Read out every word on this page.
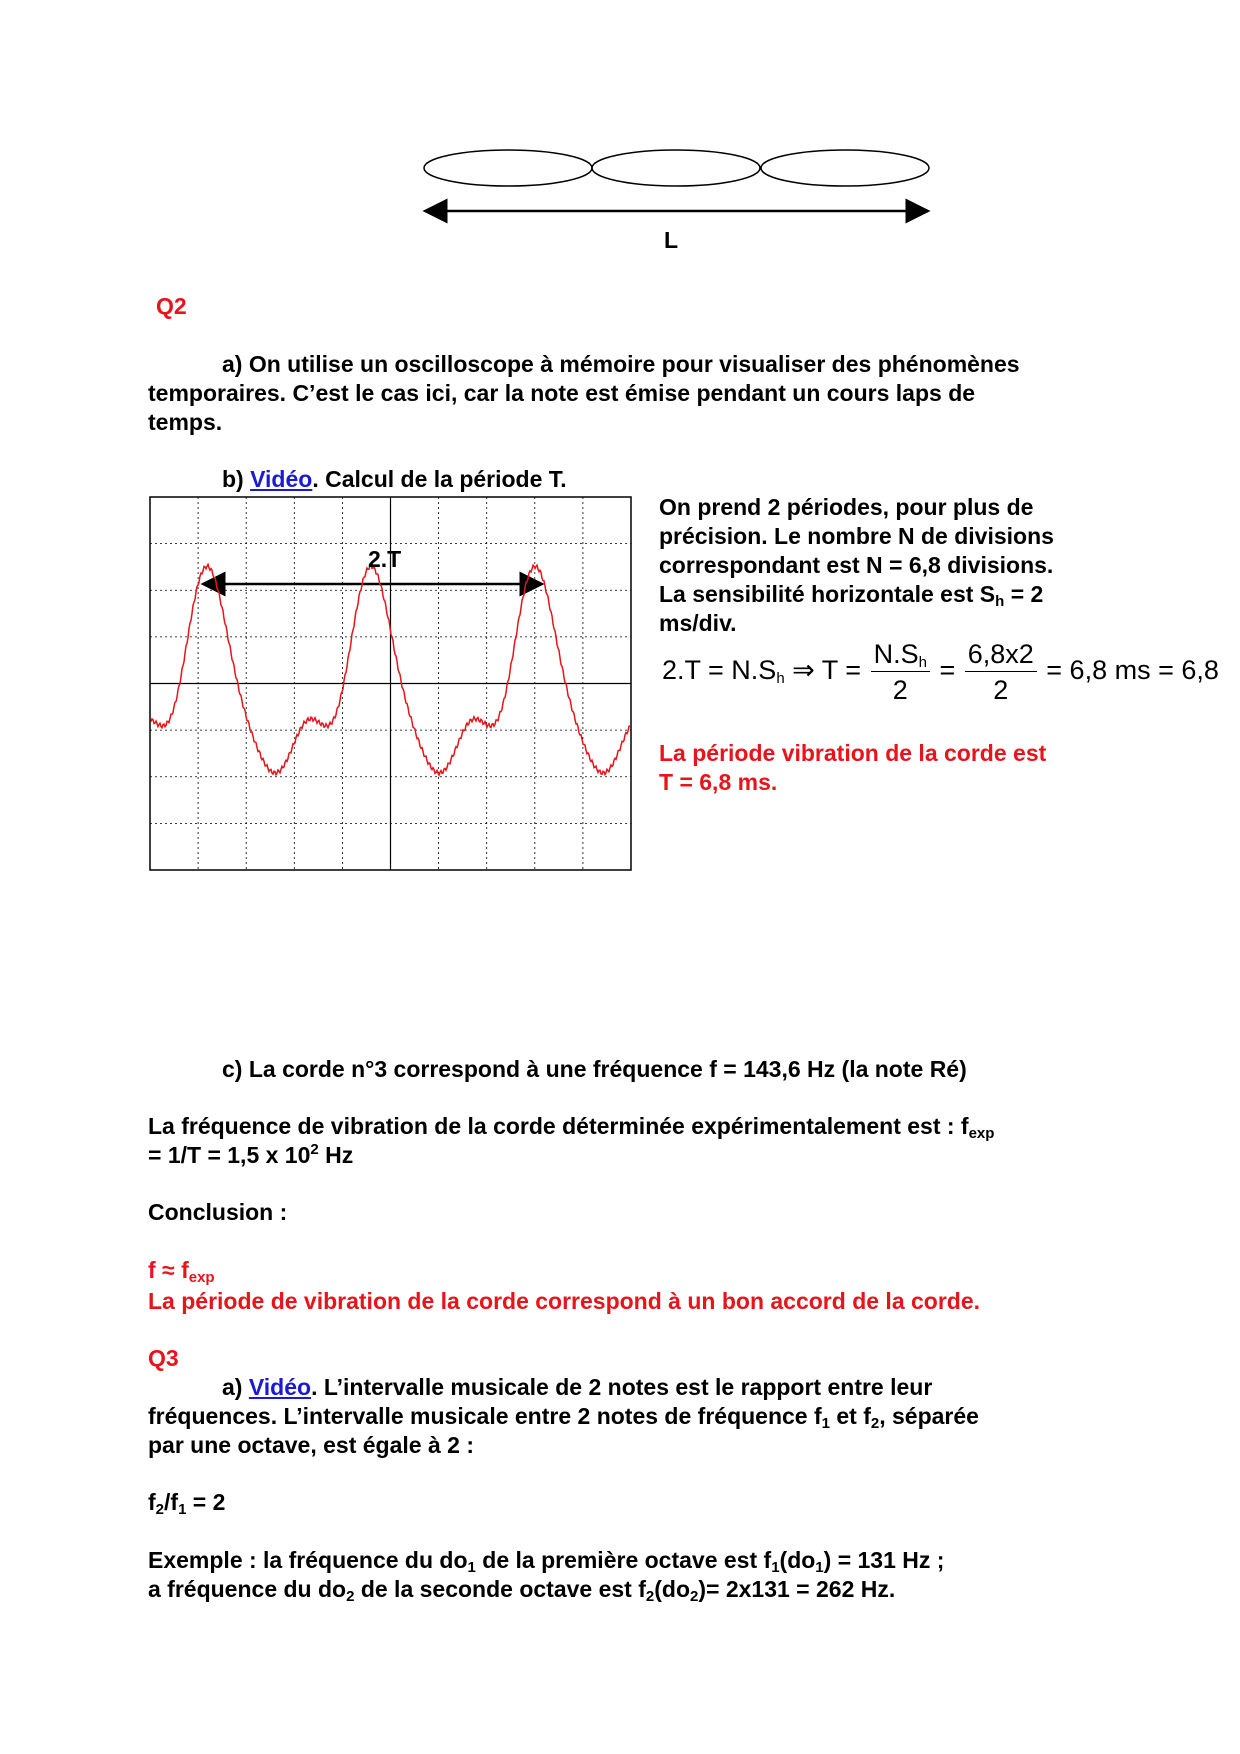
L
Q2
a) On utilise un oscilloscope à mémoire pour visualiser des phénomènes
temporaires. C’est le cas ici, car la note est émise pendant un cours laps de
temps.
b) Vidéo. Calcul de la période T.
2.T
On prend 2 périodes, pour plus de
précision. Le nombre N de divisions
correspondant est N = 6,8 divisions.
La sensibilité horizontale est $S_h = 2$
ms/div.
$2.T = N.S_h$ ⇒ $T = \frac{N.S_h}{2} = \frac{6,8x2}{2} = 6,8$ ms = 6,8
La période vibration de la corde est
T = 6,8 ms.
c) La corde n°3 correspond à une fréquence f = 143,6 Hz (la note Ré)
La fréquence de vibration de la corde déterminée expérimentalement est : $f_{exp}$
= 1/T = 1,5 x $10^2$ Hz
Conclusion :
$f \approx f_{exp}$
La période de vibration de la corde correspond à un bon accord de la corde.
Q3
a) Vidéo. L’intervalle musicale de 2 notes est le rapport entre leur
fréquences. L’intervalle musicale entre 2 notes de fréquence $f_1$ et $f_2$, séparée
par une octave, est égale à 2 :
$f_2/f_1 = 2$
Exemple : la fréquence du $do_1$ de la première octave est $f_1(do_1) = 131$ Hz ;
a fréquence du $do_2$ de la seconde octave est $f_2(do_2)= 2x131 = 262$ Hz.
